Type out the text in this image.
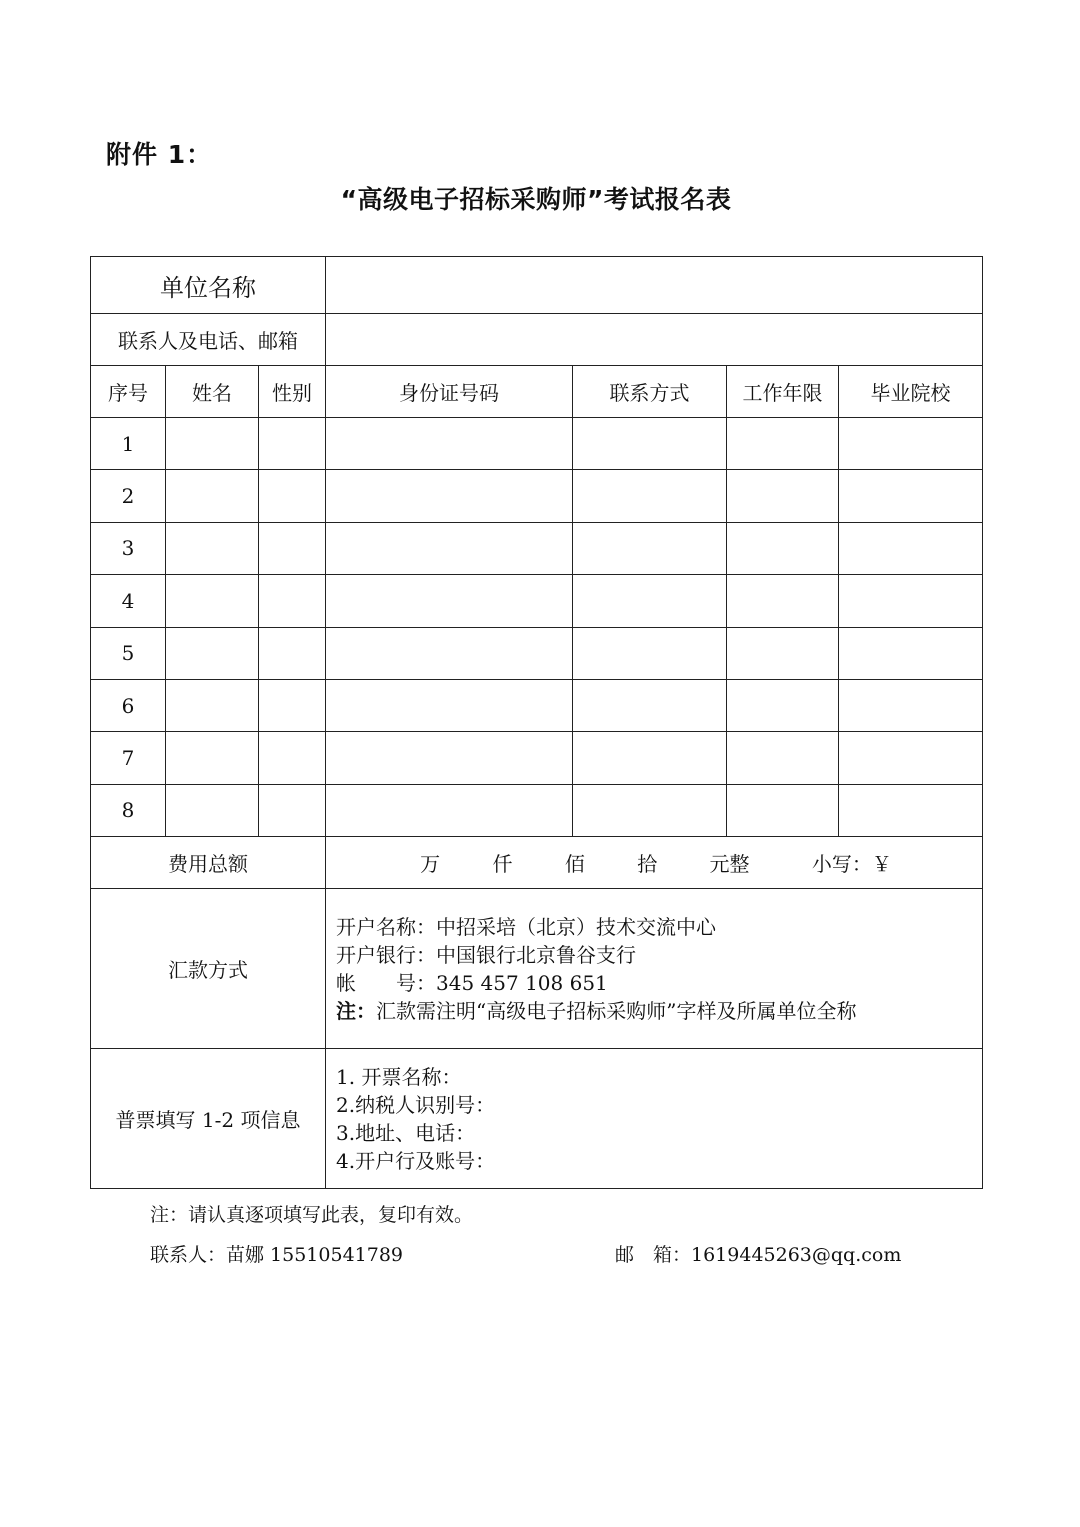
附件 1：
“高级电子招标采购师”考试报名表
单位名称						
联系人及电话、邮箱						
序号	姓名	性别	身份证号码	联系方式	工作年限	毕业院校
1						
2						
3						
4						
5						
6						
7						
8						
费用总额			万 仟 佰 拾 元整 小写：￥			
汇款方式			开户名称：中招采培（北京）技术交流中心
开户银行：中国银行北京鲁谷支行
帐　　号：345 457 108 651
注：汇款需注明“高级电子招标采购师”字样及所属单位全称			

普票填写 1-2 项信息			1. 开票名称：
2.纳税人识别号：
3.地址、电话：
4.开户行及账号：			
注：请认真逐项填写此表，复印有效。
联系人：苗娜 15510541789	邮　箱：1619445263@qq.com
